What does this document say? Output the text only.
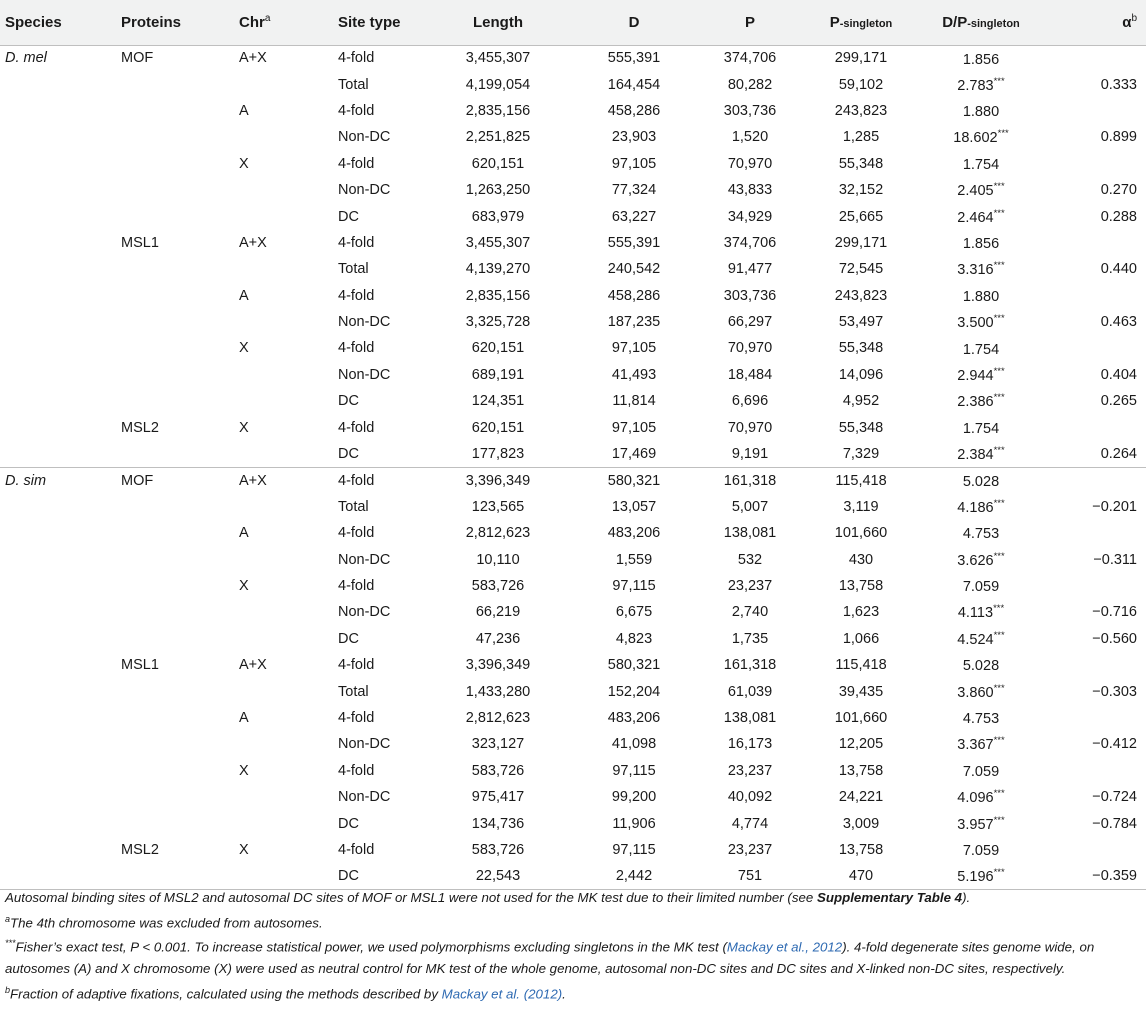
Species	Proteins	Chr$^a$	Site type	Length	D	P	P-singleton	D/P-singleton	$\alpha^b$
D. mel	MOF	A+X	4-fold	3,455,307	555,391	374,706	299,171	1.856	
			Total	4,199,054	164,454	80,282	59,102	2.783***	0.333
		A	4-fold	2,835,156	458,286	303,736	243,823	1.880	
			Non-DC	2,251,825	23,903	1,520	1,285	18.602***	0.899
		X	4-fold	620,151	97,105	70,970	55,348	1.754	
			Non-DC	1,263,250	77,324	43,833	32,152	2.405***	0.270
			DC	683,979	63,227	34,929	25,665	2.464***	0.288
	MSL1	A+X	4-fold	3,455,307	555,391	374,706	299,171	1.856	
			Total	4,139,270	240,542	91,477	72,545	3.316***	0.440
		A	4-fold	2,835,156	458,286	303,736	243,823	1.880	
			Non-DC	3,325,728	187,235	66,297	53,497	3.500***	0.463
		X	4-fold	620,151	97,105	70,970	55,348	1.754	
			Non-DC	689,191	41,493	18,484	14,096	2.944***	0.404
			DC	124,351	11,814	6,696	4,952	2.386***	0.265
	MSL2	X	4-fold	620,151	97,105	70,970	55,348	1.754	
			DC	177,823	17,469	9,191	7,329	2.384***	0.264
D. sim	MOF	A+X	4-fold	3,396,349	580,321	161,318	115,418	5.028	
			Total	123,565	13,057	5,007	3,119	4.186***	−0.201
		A	4-fold	2,812,623	483,206	138,081	101,660	4.753	
			Non-DC	10,110	1,559	532	430	3.626***	−0.311
		X	4-fold	583,726	97,115	23,237	13,758	7.059	
			Non-DC	66,219	6,675	2,740	1,623	4.113***	−0.716
			DC	47,236	4,823	1,735	1,066	4.524***	−0.560
	MSL1	A+X	4-fold	3,396,349	580,321	161,318	115,418	5.028	
			Total	1,433,280	152,204	61,039	39,435	3.860***	−0.303
		A	4-fold	2,812,623	483,206	138,081	101,660	4.753	
			Non-DC	323,127	41,098	16,173	12,205	3.367***	−0.412
		X	4-fold	583,726	97,115	23,237	13,758	7.059	
			Non-DC	975,417	99,200	40,092	24,221	4.096***	−0.724
			DC	134,736	11,906	4,774	3,009	3.957***	−0.784
	MSL2	X	4-fold	583,726	97,115	23,237	13,758	7.059	
			DC	22,543	2,442	751	470	5.196***	−0.359

Autosomal binding sites of MSL2 and autosomal DC sites of MOF or MSL1 were not used for the MK test due to their limited number (see Supplementary Table 4).

$^a$The 4th chromosome was excluded from autosomes.

***Fisher’s exact test, P < 0.001. To increase statistical power, we used polymorphisms excluding singletons in the MK test (Mackay et al., 2012). 4-fold degenerate sites genome wide, on autosomes (A) and X chromosome (X) were used as neutral control for MK test of the whole genome, autosomal non-DC sites and DC sites and X-linked non-DC sites, respectively.

$^b$Fraction of adaptive fixations, calculated using the methods described by Mackay et al. (2012).
